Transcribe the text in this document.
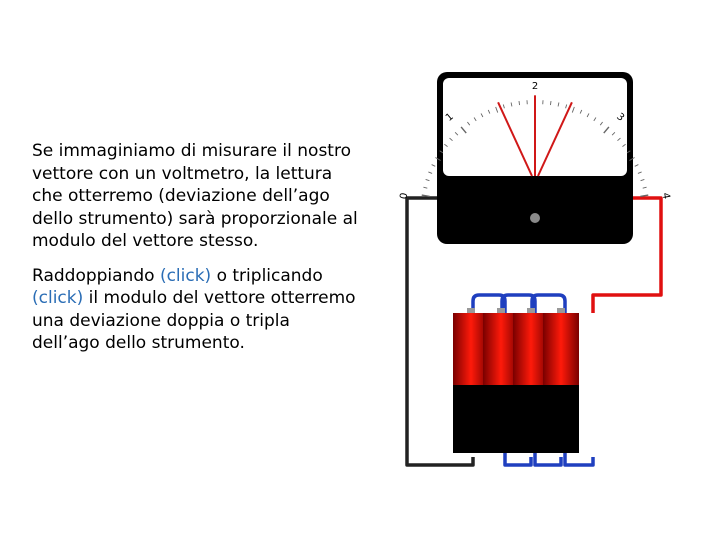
Se immaginiamo di misurare il nostro vettore con un voltmetro, la lettura che otterremo (deviazione dell’ago dello strumento) sarà proporzionale al modulo del vettore stesso.

Raddoppiando (click) o triplicando (click) il modulo del vettore otterremo una deviazione doppia o tripla dell’ago dello strumento.

0
1
2
3
4
